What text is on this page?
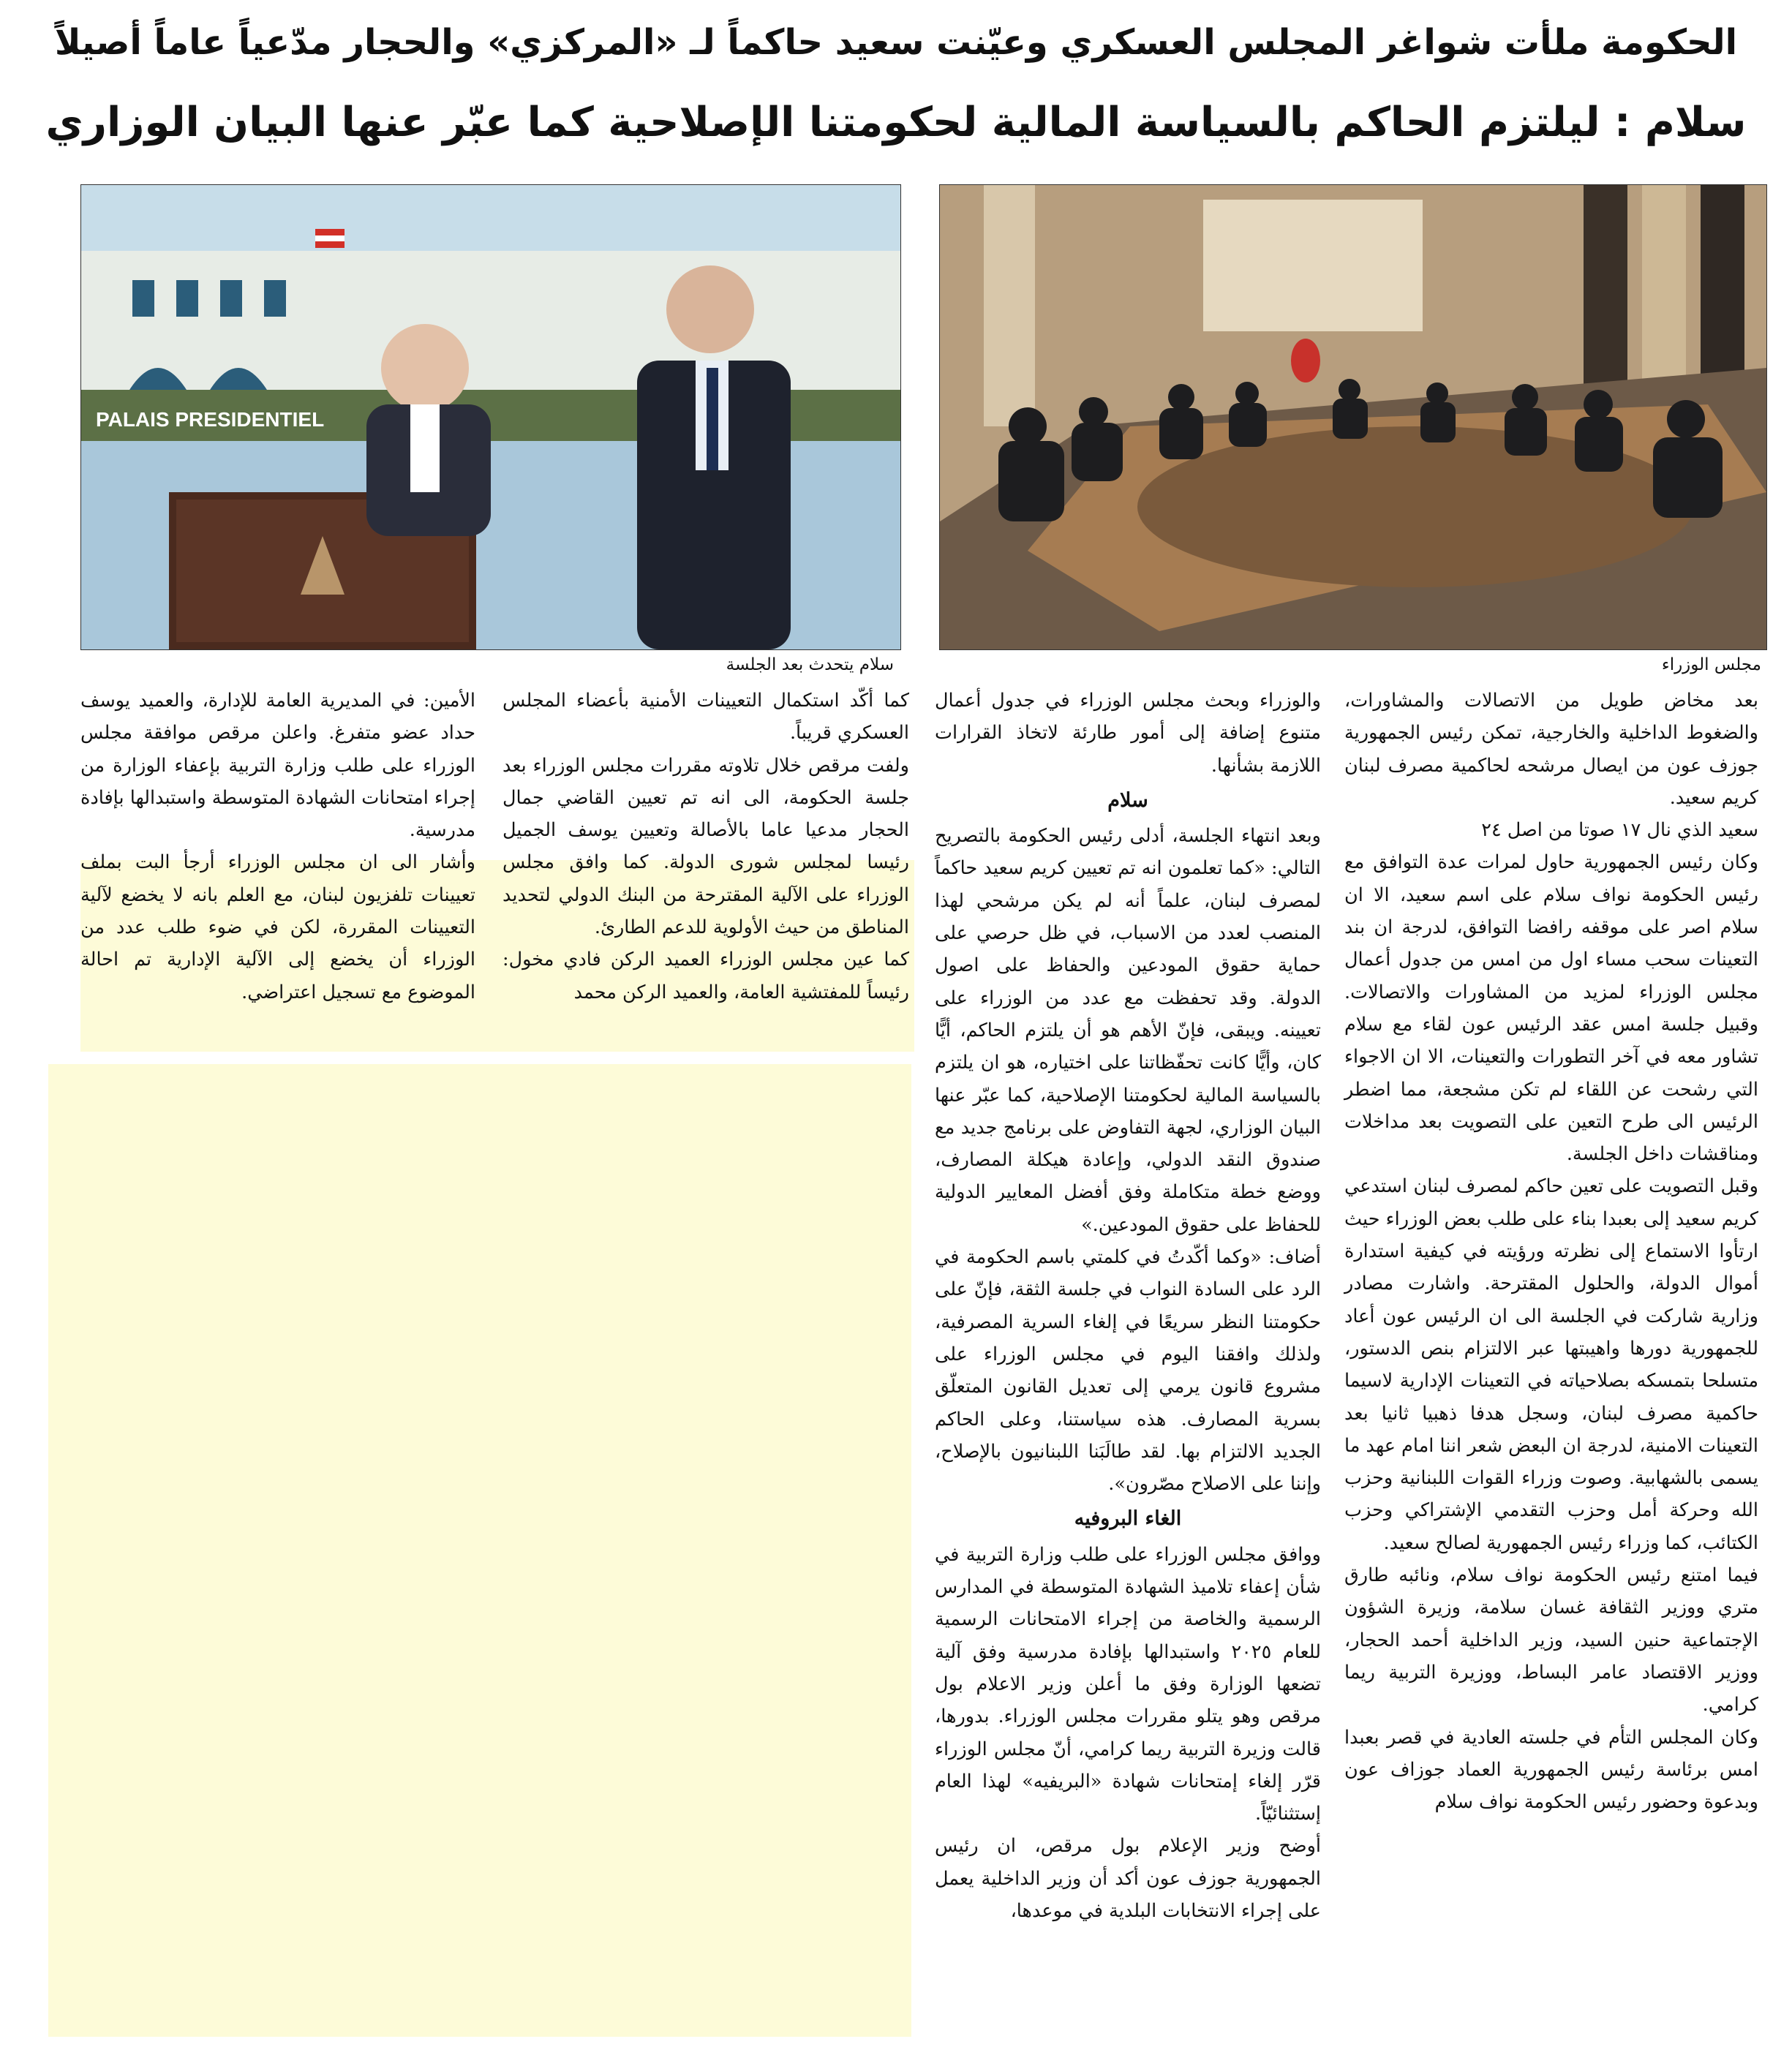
الحكومة ملأت شواغر المجلس العسكري وعيّنت سعيد حاكماً لـ «المركزي» والحجار مدّعياً عاماً أصيلاً
سلام : ليلتزم الحاكم بالسياسة المالية لحكومتنا الإصلاحية كما عبّر عنها البيان الوزاري
PALAIS PRESIDENTIEL
مجلس الوزراء
سلام يتحدث بعد الجلسة

بعد مخاض طويل من الاتصالات والمشاورات، والضغوط الداخلية والخارجية، تمكن رئيس الجمهورية جوزف عون من ايصال مرشحه لحاكمية مصرف لبنان كريم سعيد.

سعيد الذي نال ١٧ صوتا من اصل ٢٤

وكان رئيس الجمهورية حاول لمرات عدة التوافق مع رئيس الحكومة نواف سلام على اسم سعيد، الا ان سلام اصر على موقفه رافضا التوافق، لدرجة ان بند التعينات سحب مساء اول من امس من جدول أعمال مجلس الوزراء لمزيد من المشاورات والاتصالات. وقبيل جلسة امس عقد الرئيس عون لقاء مع سلام تشاور معه في آخر التطورات والتعينات، الا ان الاجواء التي رشحت عن اللقاء لم تكن مشجعة، مما اضطر الرئيس الى طرح التعين على التصويت بعد مداخلات ومناقشات داخل الجلسة.

وقبل التصويت على تعين حاكم لمصرف لبنان استدعي كريم سعيد إلى بعبدا بناء على طلب بعض الوزراء حيث ارتأوا الاستماع إلى نظرته ورؤيته في كيفية استدارة أموال الدولة، والحلول المقترحة. واشارت مصادر وزارية شاركت في الجلسة الى ان الرئيس عون أعاد للجمهورية دورها واهيبتها عبر الالتزام بنص الدستور، متسلحا بتمسكه بصلاحياته في التعينات الإدارية لاسيما حاكمية مصرف لبنان، وسجل هدفا ذهبيا ثانيا بعد التعينات الامنية، لدرجة ان البعض شعر اننا امام عهد ما يسمى بالشهابية. وصوت وزراء القوات اللبنانية وحزب الله وحركة أمل وحزب التقدمي الإشتراكي وحزب الكتائب، كما وزراء رئيس الجمهورية لصالح سعيد.

فيما امتنع رئيس الحكومة نواف سلام، ونائبه طارق متري ووزير الثقافة غسان سلامة، وزيرة الشؤون الإجتماعية حنين السيد، وزير الداخلية أحمد الحجار، ووزير الاقتصاد عامر البساط، ووزيرة التربية ريما كرامي.

وكان المجلس التأم في جلسته العادية في قصر بعبدا امس برئاسة رئيس الجمهورية العماد جوزاف عون وبدعوة وحضور رئيس الحكومة نواف سلام

والوزراء وبحث مجلس الوزراء في جدول أعمال متنوع إضافة إلى أمور طارئة لاتخاذ القرارات اللازمة بشأنها.

سلام

وبعد انتهاء الجلسة، أدلى رئيس الحكومة بالتصريح التالي: «كما تعلمون انه تم تعيين كريم سعيد حاكماً لمصرف لبنان، علماً أنه لم يكن مرشحي لهذا المنصب لعدد من الاسباب، في ظل حرصي على حماية حقوق المودعين والحفاظ على اصول الدولة. وقد تحفظت مع عدد من الوزراء على تعيينه. ويبقى، فإنّ الأهم هو أن يلتزم الحاكم، أيًّا كان، وأيًّا كانت تحفّظاتنا على اختياره، هو ان يلتزم بالسياسة المالية لحكومتنا الإصلاحية، كما عبّر عنها البيان الوزاري، لجهة التفاوض على برنامج جديد مع صندوق النقد الدولي، وإعادة هيكلة المصارف، ووضع خطة متكاملة وفق أفضل المعايير الدولية للحفاظ على حقوق المودعين.»

أضاف: «وكما أكّدتُ في كلمتي باسم الحكومة في الرد على السادة النواب في جلسة الثقة، فإنّ على حكومتنا النظر سريعًا في إلغاء السرية المصرفية، ولذلك وافقنا اليوم في مجلس الوزراء على مشروع قانون يرمي إلى تعديل القانون المتعلّق بسرية المصارف. هذه سياستنا، وعلى الحاكم الجديد الالتزام بها. لقد طالَبَنا اللبنانيون بالإصلاح، وإننا على الاصلاح مصّرون».

الغاء البروفيه

ووافق مجلس الوزراء على طلب وزارة التربية في شأن إعفاء تلاميذ الشهادة المتوسطة في المدارس الرسمية والخاصة من إجراء الامتحانات الرسمية للعام ٢٠٢٥ واستبدالها بإفادة مدرسية وفق آلية تضعها الوزارة وفق ما أعلن وزير الاعلام بول مرقص وهو يتلو مقررات مجلس الوزراء. بدورها، قالت وزيرة التربية ريما كرامي، أنّ مجلس الوزراء قرّر إلغاء إمتحانات شهادة «البريفيه» لهذا العام إستثنائيّاً.

أوضح وزير الإعلام بول مرقص، ان رئيس الجمهورية جوزف عون أكد أن وزير الداخلية يعمل على إجراء الانتخابات البلدية في موعدها،

كما أكّد استكمال التعيينات الأمنية بأعضاء المجلس العسكري قريباً.

ولفت مرقص خلال تلاوته مقررات مجلس الوزراء بعد جلسة الحكومة، الى انه تم تعيين القاضي جمال الحجار مدعيا عاما بالأصالة وتعيين يوسف الجميل رئيسا لمجلس شورى الدولة. كما وافق مجلس الوزراء على الآلية المقترحة من البنك الدولي لتحديد المناطق من حيث الأولوية للدعم الطارئ.

كما عين مجلس الوزراء العميد الركن فادي مخول: رئيساً للمفتشية العامة، والعميد الركن محمد

الأمين: في المديرية العامة للإدارة، والعميد يوسف حداد عضو متفرغ. واعلن مرقص موافقة مجلس الوزراء على طلب وزارة التربية بإعفاء الوزارة من إجراء امتحانات الشهادة المتوسطة واستبدالها بإفادة مدرسية.

وأشار الى ان مجلس الوزراء أرجأ البت بملف تعيينات تلفزيون لبنان، مع العلم بانه لا يخضع لآلية التعيينات المقررة، لكن في ضوء طلب عدد من الوزراء أن يخضع إلى الآلية الإدارية تم احالة الموضوع مع تسجيل اعتراضي.
